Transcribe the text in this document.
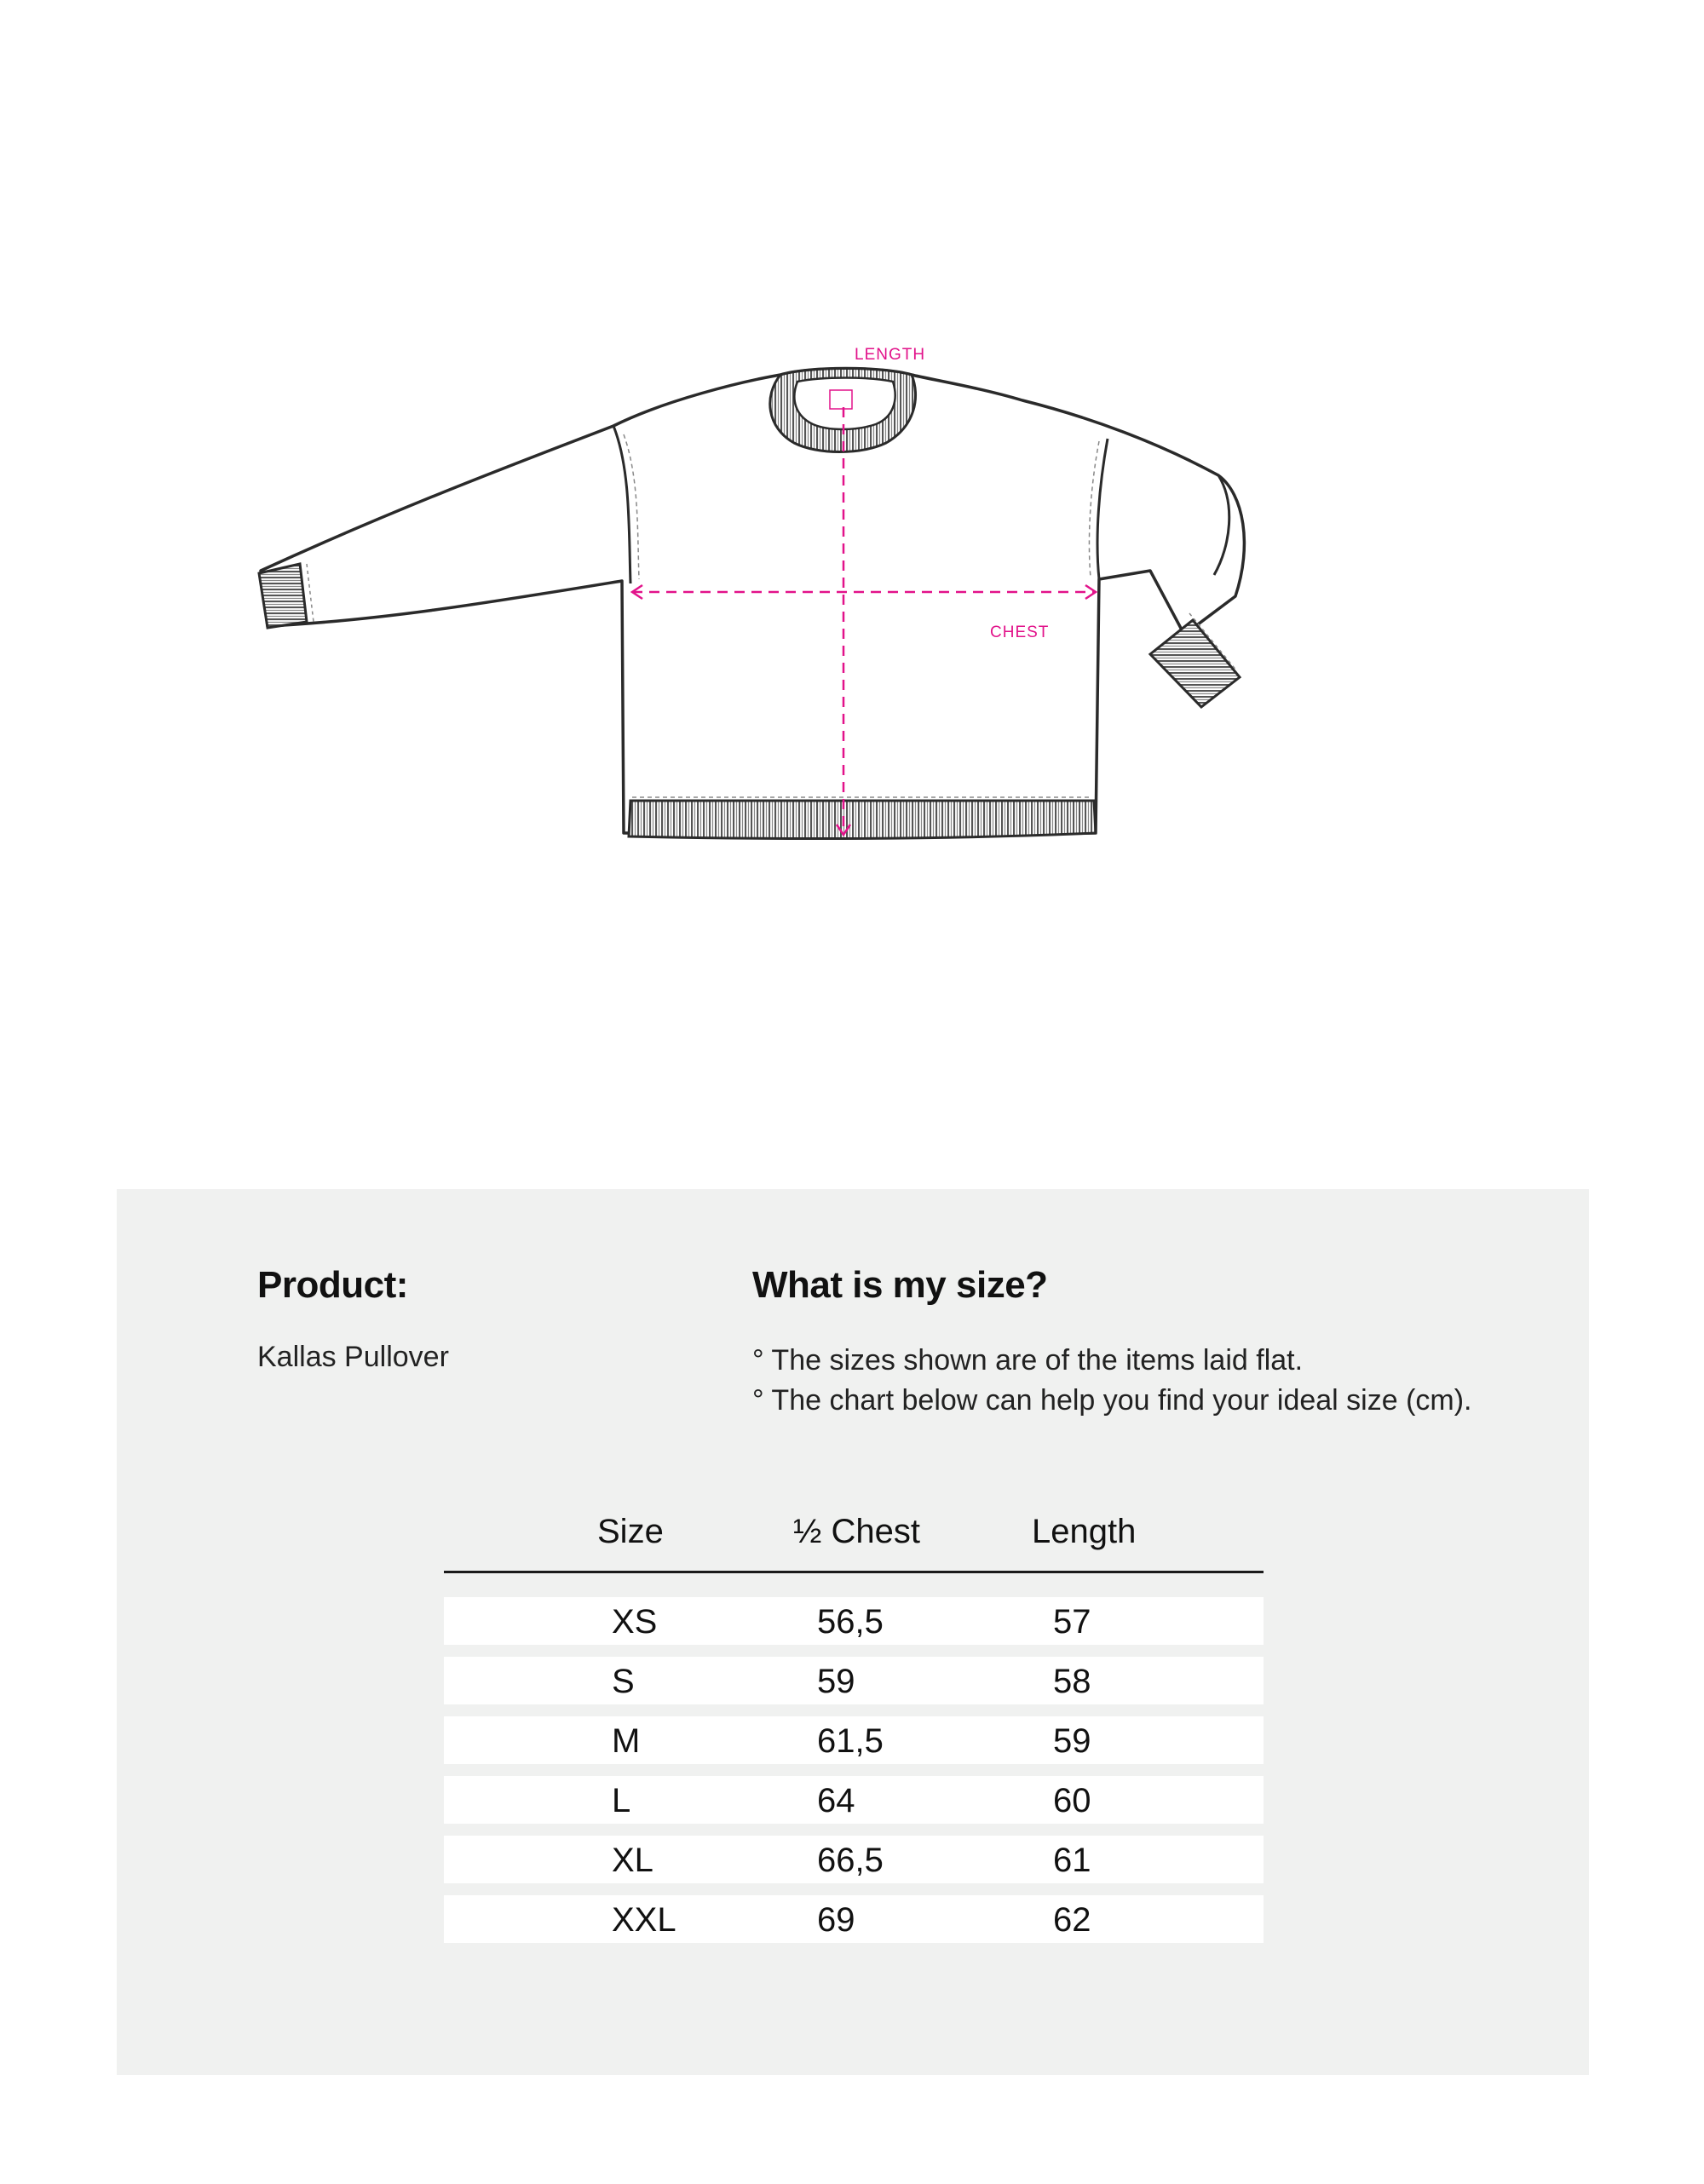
LENGTH
CHEST
Product:
Kallas Pullover
What is my size?
° The sizes shown are of the items laid flat.
° The chart below can help you find your ideal size (cm).
Size	½ Chest	Length
XS	56,5	57
S	59	58
M	61,5	59
L	64	60
XL	66,5	61
XXL	69	62
